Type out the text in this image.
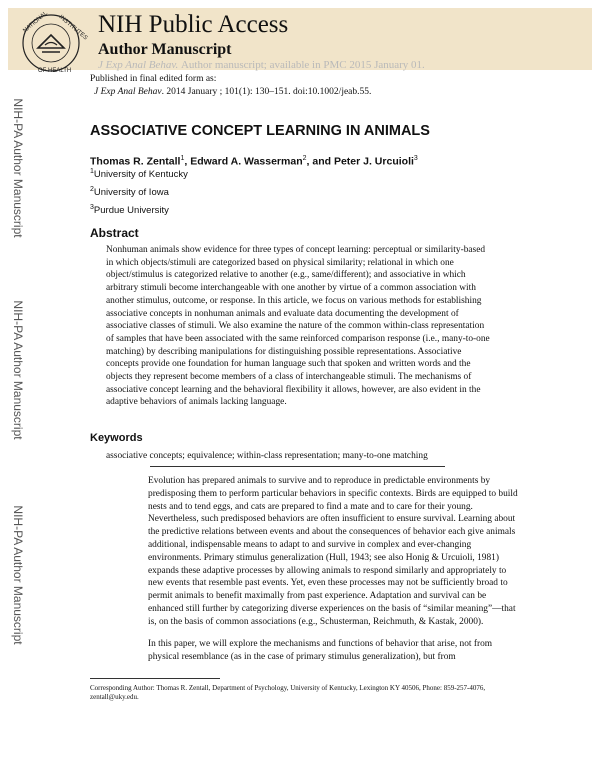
NATIONAL INSTITUTES
OF HEALTH
NIH Public Access
Author Manuscript
J Exp Anal Behav. Author manuscript; available in PMC 2015 January 01.
NIH-PA Author Manuscript
NIH-PA Author Manuscript
NIH-PA Author Manuscript
Published in final edited form as:
J Exp Anal Behav. 2014 January ; 101(1): 130–151. doi:10.1002/jeab.55.
ASSOCIATIVE CONCEPT LEARNING IN ANIMALS
Thomas R. Zentall$^1$, Edward A. Wasserman$^2$, and Peter J. Urcuioli$^3$
$^1$University of Kentucky
$^2$University of Iowa
$^3$Purdue University
Abstract

Nonhuman animals show evidence for three types of concept learning: perceptual or similarity-based in which objects/stimuli are categorized based on physical similarity; relational in which one object/stimulus is categorized relative to another (e.g., same/different); and associative in which arbitrary stimuli become interchangeable with one another by virtue of a common association with another stimulus, outcome, or response. In this article, we focus on various methods for establishing associative concepts in nonhuman animals and evaluate data documenting the development of associative classes of stimuli. We also examine the nature of the common within-class representation of samples that have been associated with the same reinforced comparison response (i.e., many-to-one matching) by describing manipulations for distinguishing possible representations. Associative concepts provide one foundation for human language such that spoken and written words and the objects they represent become members of a class of interchangeable stimuli. The mechanisms of associative concept learning and the behavioral flexibility it allows, however, are also evident in the adaptive behaviors of animals lacking language.

Keywords
associative concepts; equivalence; within-class representation; many-to-one matching

Evolution has prepared animals to survive and to reproduce in predictable environments by predisposing them to perform particular behaviors in specific contexts. Birds are equipped to build nests and to tend eggs, and cats are prepared to find a mate and to care for their young. Nevertheless, such predisposed behaviors are often insufficient to ensure survival. Learning about the predictive relations between events and about the consequences of behavior each give animals additional, indispensable means to adapt to and survive in complex and ever-changing environments. Primary stimulus generalization (Hull, 1943; see also Honig & Urcuioli, 1981) expands these adaptive processes by allowing animals to respond similarly and appropriately to new events that resemble past events. Yet, even these processes may not be sufficiently broad to permit animals to benefit maximally from past experience. Adaptation and survival can be enhanced still further by categorizing diverse experiences on the basis of “similar meaning”—that is, on the basis of common associations (e.g., Schusterman, Reichmuth, & Kastak, 2000).

In this paper, we will explore the mechanisms and functions of behavior that arise, not from physical resemblance (as in the case of primary stimulus generalization), but from

Corresponding Author: Thomas R. Zentall, Department of Psychology, University of Kentucky, Lexington KY 40506, Phone: 859-257-4076, zentall@uky.edu.
